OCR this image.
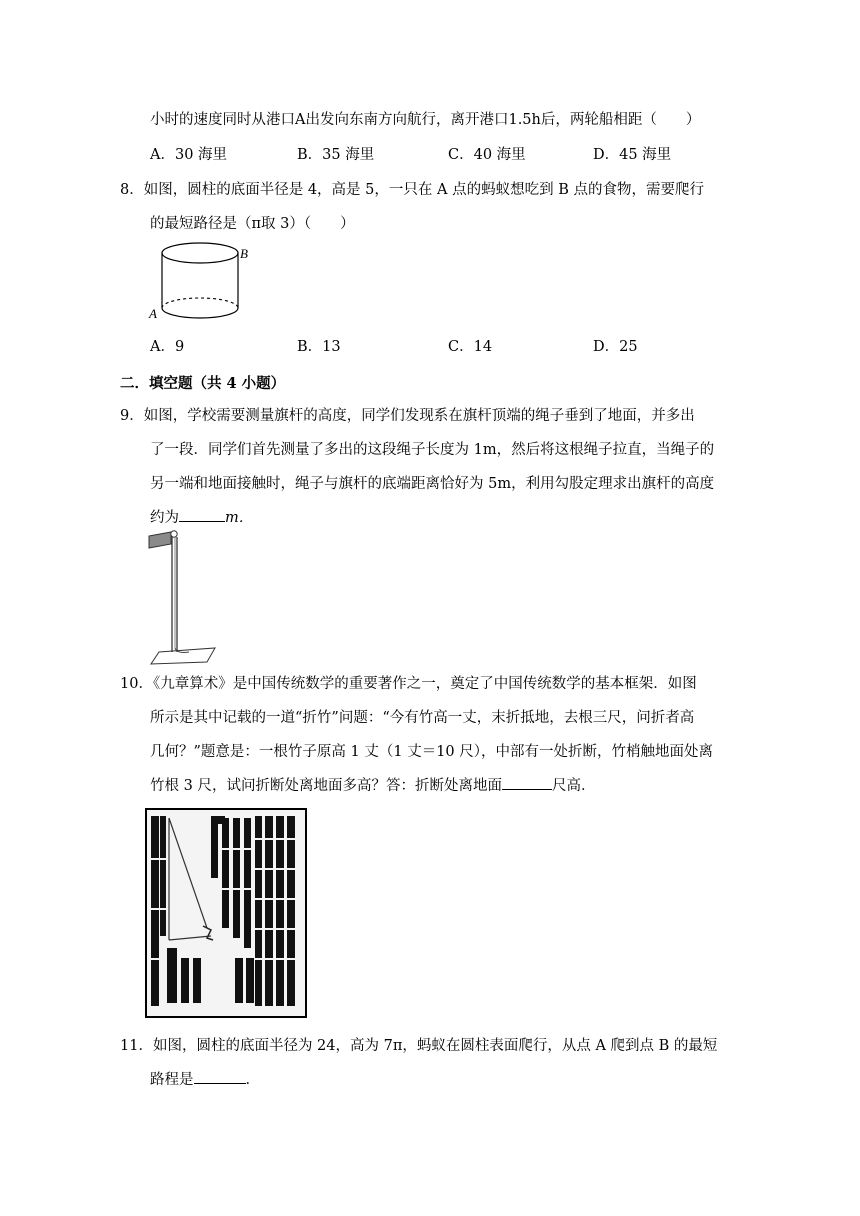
小时的速度同时从港口A出发向东南方向航行，离开港口1.5h后，两轮船相距（　　）
A．30 海里	B．35 海里	C．40 海里	D．45 海里
8．如图，圆柱的底面半径是 4，高是 5，一只在 A 点的蚂蚁想吃到 B 点的食物，需要爬行
的最短路径是（π取 3）（　　）
B
A
A．9	B．13	C．14	D．25
二．填空题（共 4 小题）
9．如图，学校需要测量旗杆的高度，同学们发现系在旗杆顶端的绳子垂到了地面，并多出
了一段．同学们首先测量了多出的这段绳子长度为 1m，然后将这根绳子拉直，当绳子的
另一端和地面接触时，绳子与旗杆的底端距离恰好为 5m，利用勾股定理求出旗杆的高度
约为	m．
10．《九章算术》是中国传统数学的重要著作之一，奠定了中国传统数学的基本框架．如图
所示是其中记载的一道“折竹”问题：“今有竹高一丈，末折抵地，去根三尺，问折者高
几何？”题意是：一根竹子原高 1 丈（1 丈＝10 尺），中部有一处折断，竹梢触地面处离
竹根 3 尺，试问折断处离地面多高？答：折断处离地面	尺高．
11．如图，圆柱的底面半径为 24，高为 7π，蚂蚁在圆柱表面爬行，从点 A 爬到点 B 的最短
路程是	．
